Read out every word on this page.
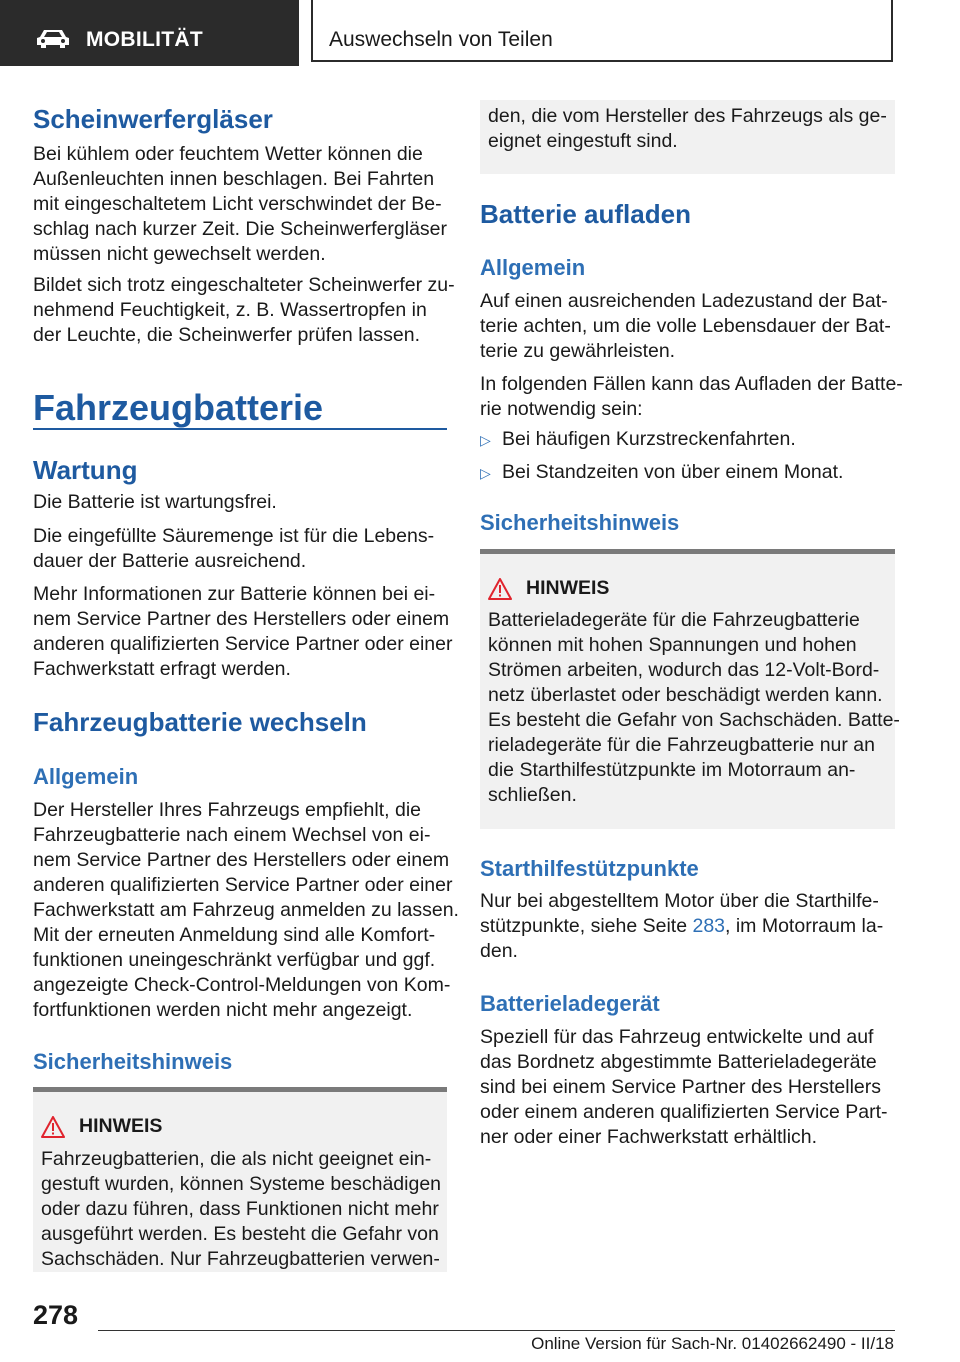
MOBILITÄT	Auswechseln von Teilen
Scheinwerfergläser
Bei kühlem oder feuchtem Wetter können die
Außenleuchten innen beschlagen. Bei Fahrten
mit eingeschaltetem Licht verschwindet der Be-
schlag nach kurzer Zeit. Die Scheinwerfergläser
müssen nicht gewechselt werden.
Bildet sich trotz eingeschalteter Scheinwerfer zu-
nehmend Feuchtigkeit, z. B. Wassertropfen in
der Leuchte, die Scheinwerfer prüfen lassen.
Fahrzeugbatterie
Wartung
Die Batterie ist wartungsfrei.
Die eingefüllte Säuremenge ist für die Lebens-
dauer der Batterie ausreichend.
Mehr Informationen zur Batterie können bei ei-
nem Service Partner des Herstellers oder einem
anderen qualifizierten Service Partner oder einer
Fachwerkstatt erfragt werden.
Fahrzeugbatterie wechseln
Allgemein
Der Hersteller Ihres Fahrzeugs empfiehlt, die
Fahrzeugbatterie nach einem Wechsel von ei-
nem Service Partner des Herstellers oder einem
anderen qualifizierten Service Partner oder einer
Fachwerkstatt am Fahrzeug anmelden zu lassen.
Mit der erneuten Anmeldung sind alle Komfort-
funktionen uneingeschränkt verfügbar und ggf.
angezeigte Check-Control-Meldungen von Kom-
fortfunktionen werden nicht mehr angezeigt.
Sicherheitshinweis
HINWEIS
Fahrzeugbatterien, die als nicht geeignet ein-
gestuft wurden, können Systeme beschädigen
oder dazu führen, dass Funktionen nicht mehr
ausgeführt werden. Es besteht die Gefahr von
Sachschäden. Nur Fahrzeugbatterien verwen-
den, die vom Hersteller des Fahrzeugs als ge-
eignet eingestuft sind.
Batterie aufladen
Allgemein
Auf einen ausreichenden Ladezustand der Bat-
terie achten, um die volle Lebensdauer der Bat-
terie zu gewährleisten.
In folgenden Fällen kann das Aufladen der Batte-
rie notwendig sein:
▷ Bei häufigen Kurzstreckenfahrten.
▷ Bei Standzeiten von über einem Monat.
Sicherheitshinweis
HINWEIS
Batterieladegeräte für die Fahrzeugbatterie
können mit hohen Spannungen und hohen
Strömen arbeiten, wodurch das 12-Volt-Bord-
netz überlastet oder beschädigt werden kann.
Es besteht die Gefahr von Sachschäden. Batte-
rieladegeräte für die Fahrzeugbatterie nur an
die Starthilfestützpunkte im Motorraum an-
schließen.
Starthilfestützpunkte
Nur bei abgestelltem Motor über die Starthilfe-
stützpunkte, siehe Seite 283, im Motorraum la-
den.
Batterieladegerät
Speziell für das Fahrzeug entwickelte und auf
das Bordnetz abgestimmte Batterieladegeräte
sind bei einem Service Partner des Herstellers
oder einem anderen qualifizierten Service Part-
ner oder einer Fachwerkstatt erhältlich.
278
Online Version für Sach-Nr. 01402662490 - II/18
